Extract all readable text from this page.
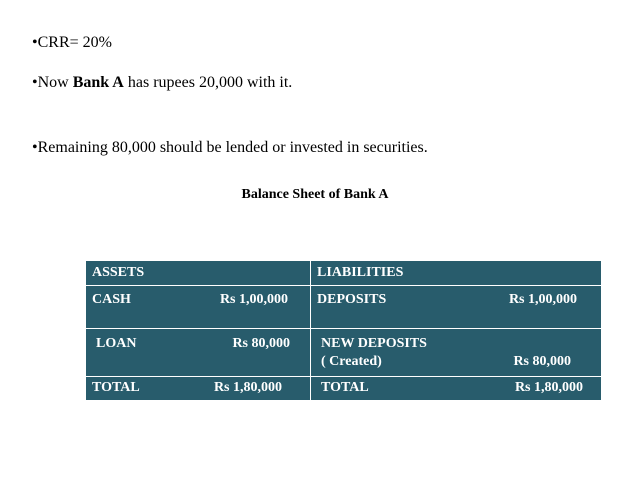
•CRR= 20%
•Now Bank A has rupees 20,000 with it.
•Remaining 80,000 should be lended or invested in securities.
Balance Sheet of Bank A
ASSETS	LIABILITIES
CASH	Rs 1,00,000 DEPOSITS	Rs 1,00,000
LOAN	Rs 80,000 NEW DEPOSITS
( Created)	Rs 80,000
TOTAL	Rs 1,80,000	TOTAL	Rs 1,80,000
